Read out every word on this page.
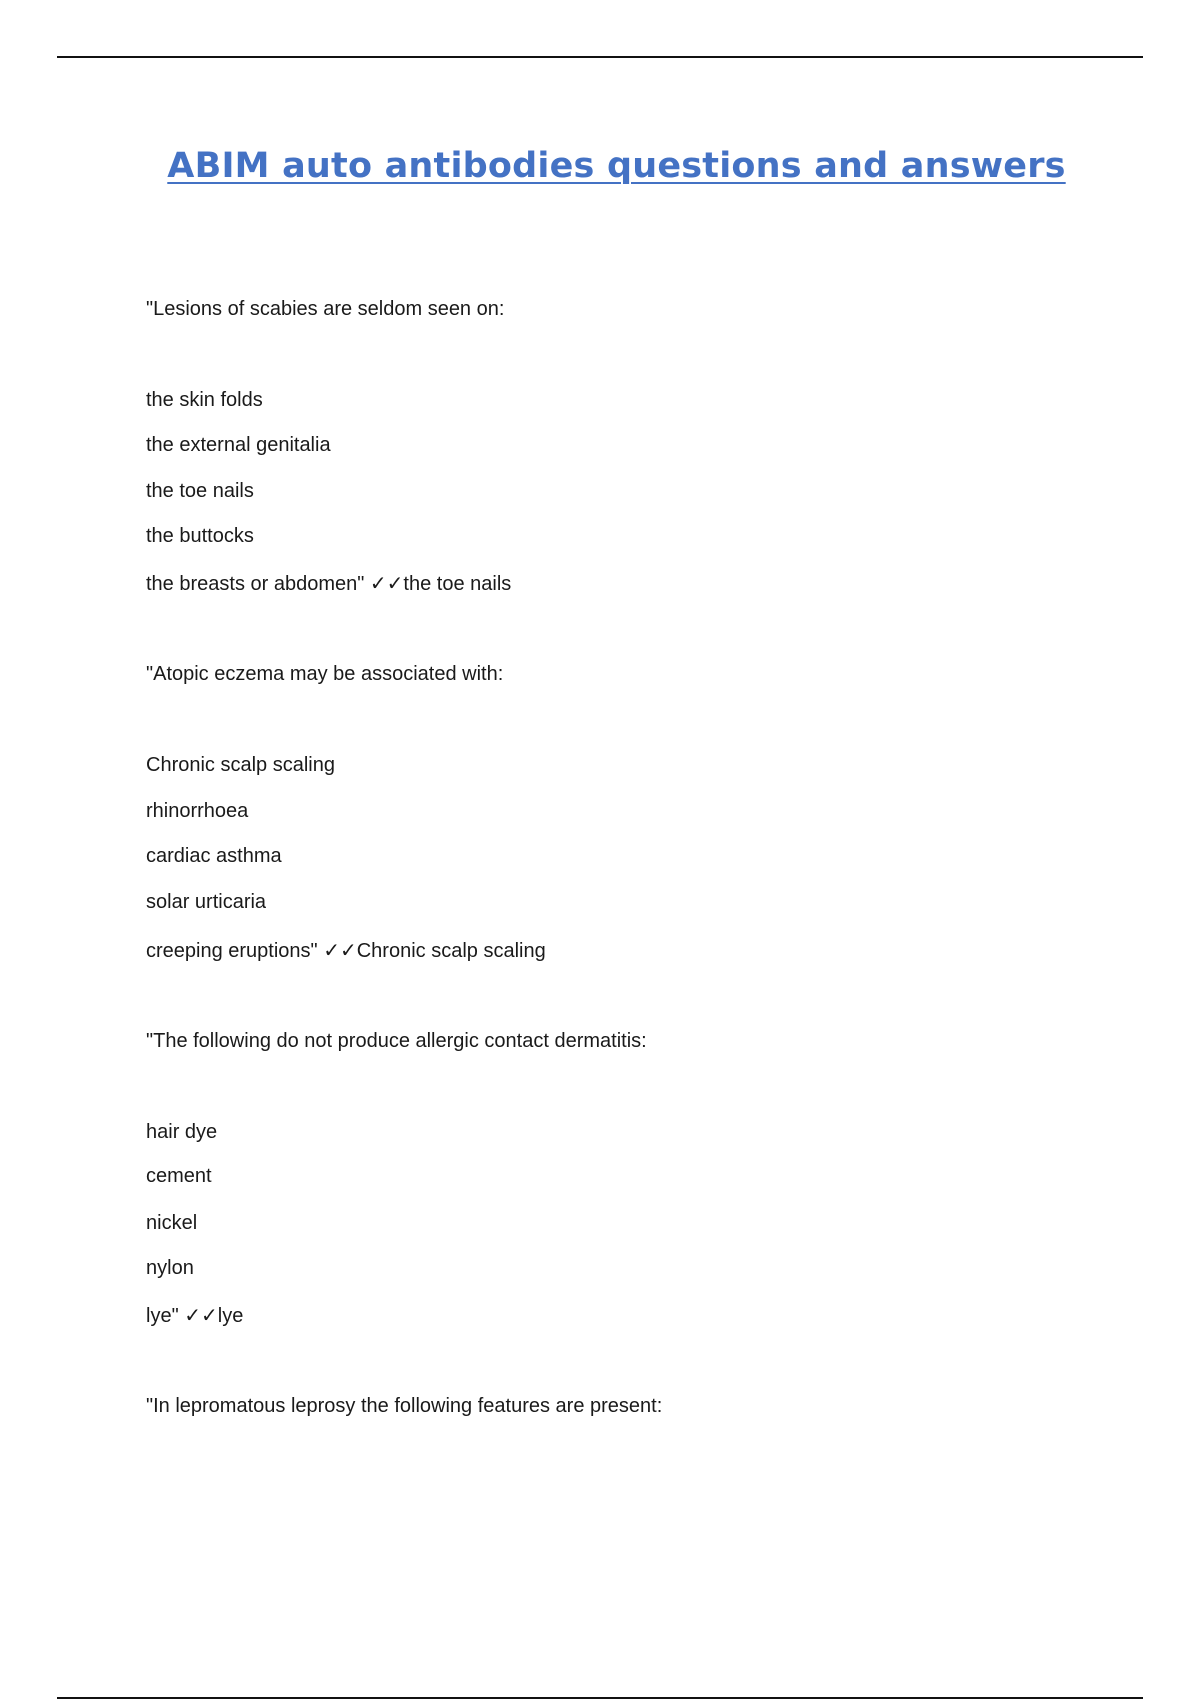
ABIM auto antibodies questions and answers
"Lesions of scabies are seldom seen on:
the skin folds
the external genitalia
the toe nails
the buttocks
the breasts or abdomen" ✓✓the toe nails
"Atopic eczema may be associated with:
Chronic scalp scaling
rhinorrhoea
cardiac asthma
solar urticaria
creeping eruptions" ✓✓Chronic scalp scaling
"The following do not produce allergic contact dermatitis:
hair dye
cement
nickel
nylon
lye" ✓✓lye
"In lepromatous leprosy the following features are present:
